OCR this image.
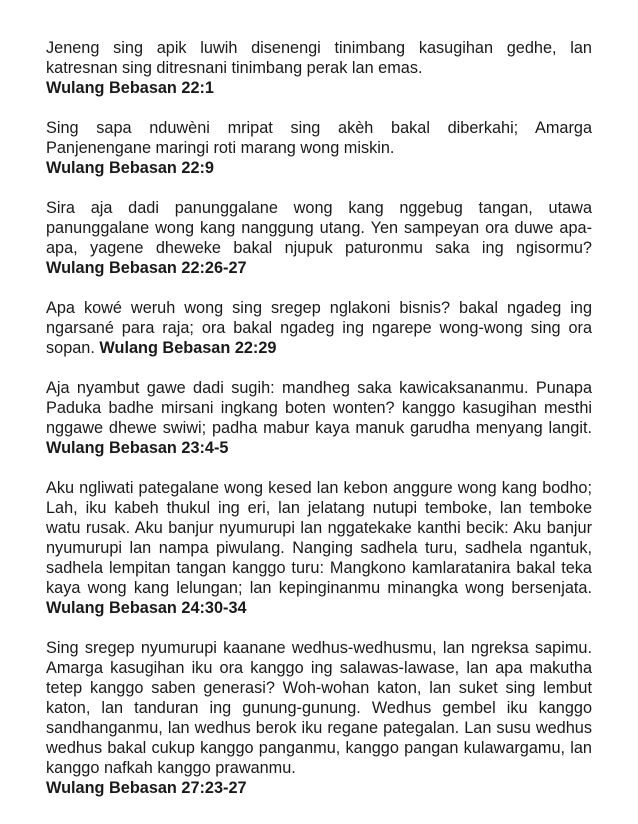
Jeneng sing apik luwih disenengi tinimbang kasugihan gedhe, lan katresnan sing ditresnani tinimbang perak lan emas.
Wulang Bebasan 22:1

Sing sapa nduwèni mripat sing akèh bakal diberkahi; Amarga Panjenengane maringi roti marang wong miskin.
Wulang Bebasan 22:9

Sira aja dadi panunggalane wong kang nggebug tangan, utawa panunggalane wong kang nanggung utang. Yen sampeyan ora duwe apa-apa, yagene dheweke bakal njupuk paturonmu saka ing ngisormu? Wulang Bebasan 22:26-27

Apa kowé weruh wong sing sregep nglakoni bisnis? bakal ngadeg ing ngarsané para raja; ora bakal ngadeg ing ngarepe wong-wong sing ora sopan. Wulang Bebasan 22:29

Aja nyambut gawe dadi sugih: mandheg saka kawicaksananmu. Punapa Paduka badhe mirsani ingkang boten wonten? kanggo kasugihan mesthi nggawe dhewe swiwi; padha mabur kaya manuk garudha menyang langit. Wulang Bebasan 23:4-5

Aku ngliwati pategalane wong kesed lan kebon anggure wong kang bodho; Lah, iku kabeh thukul ing eri, lan jelatang nutupi temboke, lan temboke watu rusak. Aku banjur nyumurupi lan nggatekake kanthi becik: Aku banjur nyumurupi lan nampa piwulang. Nanging sadhela turu, sadhela ngantuk, sadhela lempitan tangan kanggo turu: Mangkono kamlaratanira bakal teka kaya wong kang lelungan; lan kepinginanmu minangka wong bersenjata. Wulang Bebasan 24:30-34

Sing sregep nyumurupi kaanane wedhus-wedhusmu, lan ngreksa sapimu. Amarga kasugihan iku ora kanggo ing salawas-lawase, lan apa makutha tetep kanggo saben generasi? Woh-wohan katon, lan suket sing lembut katon, lan tanduran ing gunung-gunung. Wedhus gembel iku kanggo sandhanganmu, lan wedhus berok iku regane pategalan. Lan susu wedhus wedhus bakal cukup kanggo panganmu, kanggo pangan kulawargamu, lan kanggo nafkah kanggo prawanmu.
Wulang Bebasan 27:23-27
